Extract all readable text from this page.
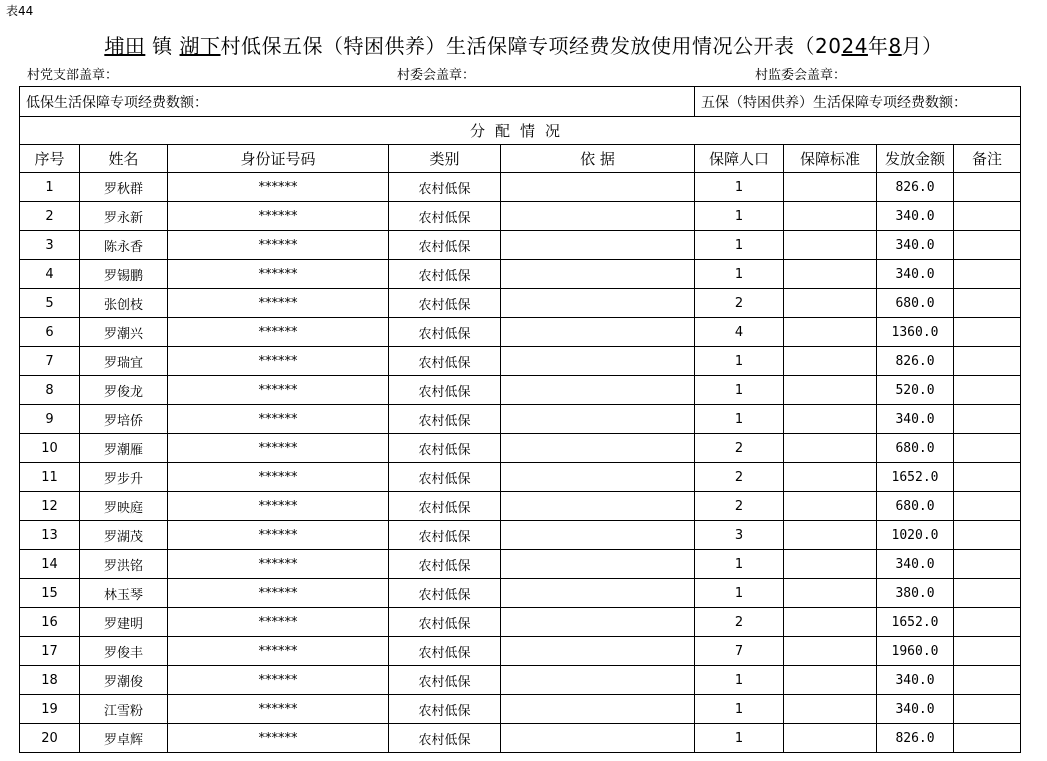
表44
埔田 镇 湖下村低保五保（特困供养）生活保障专项经费发放使用情况公开表（2024年8月）
村党支部盖章：	村委会盖章：	村监委会盖章：
低保生活保障专项经费数额：					五保（特困供养）生活保障专项经费数额：			
分配情况								
序号	姓名	身份证号码	类别	依 据	保障人口	保障标准	发放金额	备注
1	罗秋群	******	农村低保		1		826.0	
2	罗永新	******	农村低保		1		340.0	
3	陈永香	******	农村低保		1		340.0	
4	罗锡鹏	******	农村低保		1		340.0	
5	张创枝	******	农村低保		2		680.0	
6	罗潮兴	******	农村低保		4		1360.0	
7	罗瑞宜	******	农村低保		1		826.0	
8	罗俊龙	******	农村低保		1		520.0	
9	罗培侨	******	农村低保		1		340.0	
10	罗潮雁	******	农村低保		2		680.0	
11	罗步升	******	农村低保		2		1652.0	
12	罗映庭	******	农村低保		2		680.0	
13	罗湖茂	******	农村低保		3		1020.0	
14	罗洪铭	******	农村低保		1		340.0	
15	林玉琴	******	农村低保		1		380.0	
16	罗建明	******	农村低保		2		1652.0	
17	罗俊丰	******	农村低保		7		1960.0	
18	罗潮俊	******	农村低保		1		340.0	
19	江雪粉	******	农村低保		1		340.0	
20	罗卓辉	******	农村低保		1		826.0	
